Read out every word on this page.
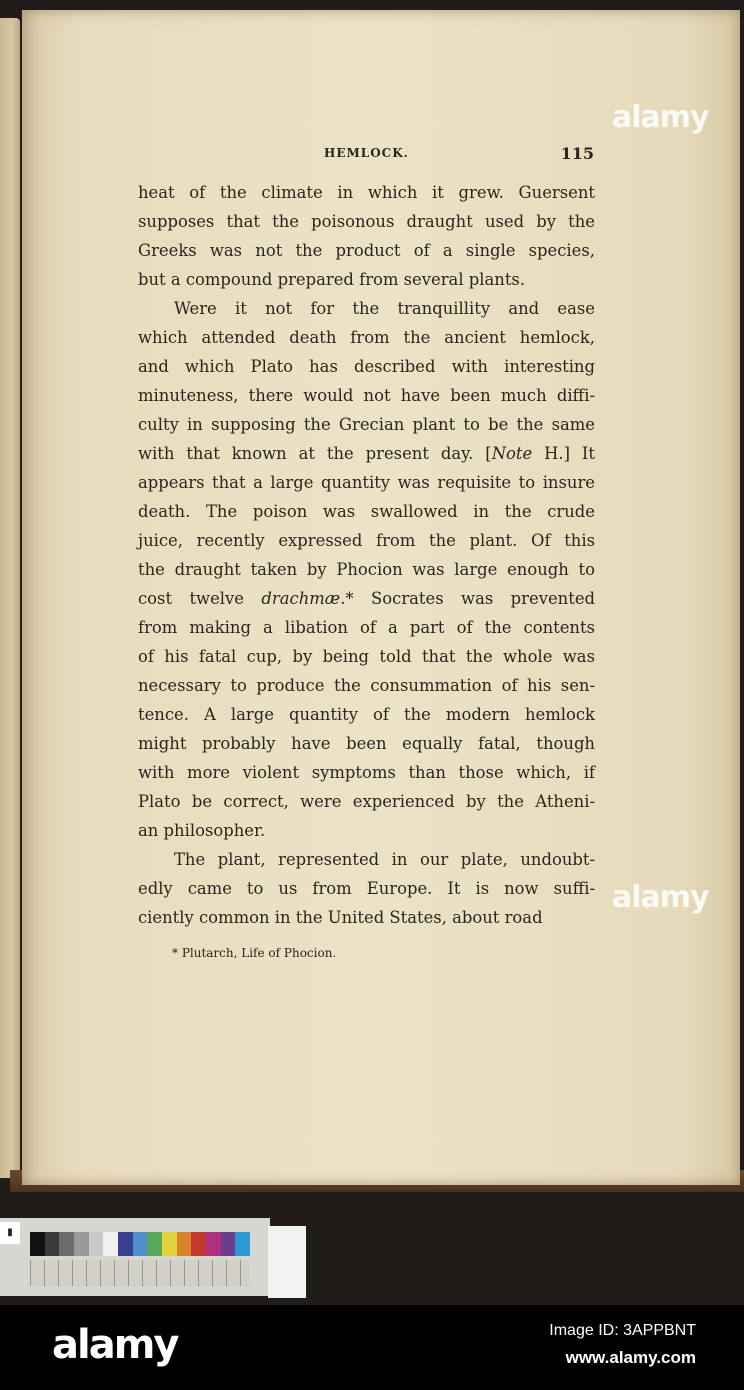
HEMLOCK.	115

heat of the climate in which it grew. Guersent
supposes that the poisonous draught used by the
Greeks was not the product of a single species,
but a compound prepared from several plants.

Were it not for the tranquillity and ease
which attended death from the ancient hemlock,
and which Plato has described with interesting
minuteness, there would not have been much diffi-
culty in supposing the Grecian plant to be the same
with that known at the present day. [Note H.] It
appears that a large quantity was requisite to insure
death. The poison was swallowed in the crude
juice, recently expressed from the plant. Of this
the draught taken by Phocion was large enough to
cost twelve drachmæ.* Socrates was prevented
from making a libation of a part of the contents
of his fatal cup, by being told that the whole was
necessary to produce the consummation of his sen-
tence. A large quantity of the modern hemlock
might probably have been equally fatal, though
with more violent symptoms than those which, if
Plato be correct, were experienced by the Atheni-
an philosopher.

The plant, represented in our plate, undoubt-
edly came to us from Europe. It is now suffi-
ciently common in the United States, about road

* Plutarch, Life of Phocion.
▮
alamy
alamy
alamy	Image ID: 3APPBNT
www.alamy.com
